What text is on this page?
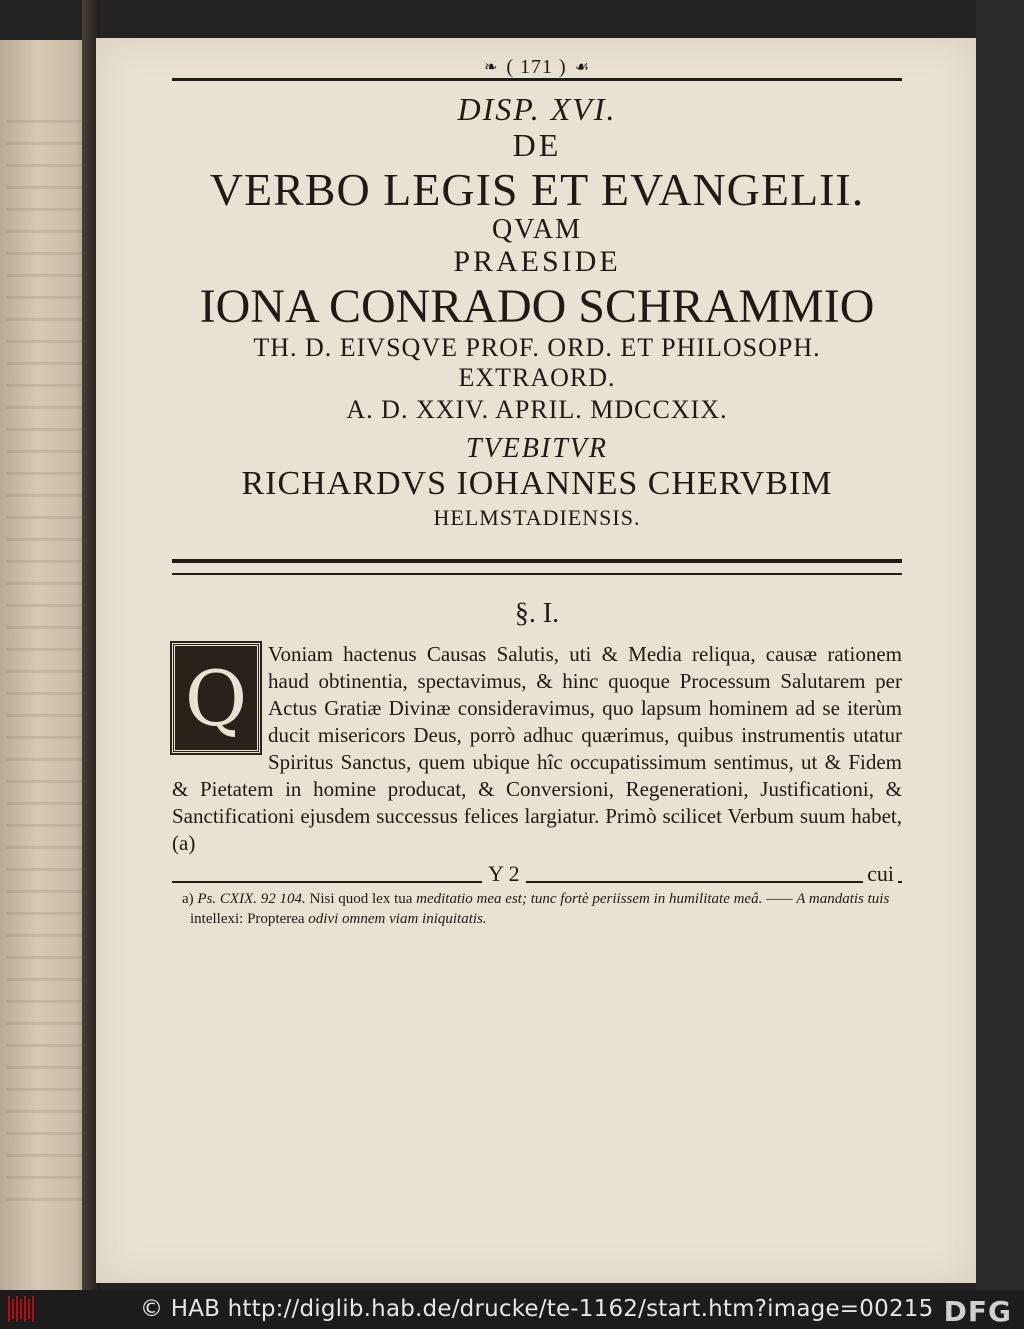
❧ ( 171 ) ☙
DISP. XVI.
DE
VERBO LEGIS ET EVANGELII.
QVAM
PRAESIDE
IONA CONRADO SCHRAMMIO
TH. D. EIVSQVE PROF. ORD. ET PHILOSOPH.
EXTRAORD.
A. D. XXIV. APRIL. MDCCXIX.
TVEBITVR
RICHARDVS IOHANNES CHERVBIM
HELMSTADIENSIS.
§. I.
Q Voniam hactenus Causas Salutis, uti & Media reliqua, causæ rationem haud obtinentia, spectavimus, & hinc quoque Processum Salutarem per Actus Gratiæ Divinæ consideravimus, quo lapsum hominem ad se iterùm ducit misericors Deus, porrò adhuc quærimus, quibus instrumentis utatur Spiritus Sanctus, quem ubique hîc occupatissimum sentimus, ut & Fidem & Pietatem in homine producat, & Conversioni, Regenerationi, Justificationi, & Sanctificationi ejusdem successus felices largiatur. Primò scilicet Verbum suum habet, (a)
Y 2	cui
a) Ps. CXIX. 92 104. Nisi quod lex tua meditatio mea est; tunc fortè periissem in humilitate meâ. —— A mandatis tuis intellexi: Propterea odivi omnem viam iniquitatis.
© HAB http://diglib.hab.de/drucke/te-1162/start.htm?image=00215 DFG
